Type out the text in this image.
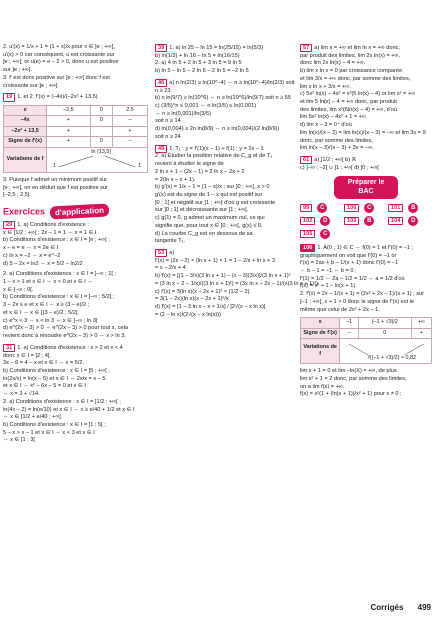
2. u'(x) = 1/x + 1 = (1 + x)/x pour x ∈ ]e ; +∞[,
u'(x) > 0 car conséquent, u est croissante sur
]e ; +∞[; or u(e) = e – 2 > 0, donc u est positive
sur ]e ; +∞[.
3. f' est donc positive sur ]e ; +∞[ donc f est
croissante sur ]e ; +∞[.
19 1. et 2. f'(x) = (–4x)/(–2x² + 13,5)
x	–2,5	0	2,5
–4x	+	0	–
–2x² + 13,5	+		+
Signe de f'(x)	+	0	–
Variations de f	ln (13,5)
1 1		
3. Puisque f admet un minimum positif sur
[e ; +∞[, on en déduit que f est positive sur
[–2,5 ; 2,5].
Exercices d'application
29 1. a) Conditions d'existence :
x ∈ ]1/2 ; +∞[ ; 2x – 1 = 1 ⇔ x = 1 ∈ I
b) Conditions d'existence : x ∈ I = ]e ; +∞[ ;
x – e = e ⇔ x = 2e ∈ I
c) ln x = –2 ⇔ x = e^–2
d) 5 – 2x = ln2 ⇔ x = 5/2 – ln2/2
2. a) Conditions d'existence : x ∈ I = ]–∞ ; 1[ ;
1 – x > 1 et x ∈ I ⇔ x < 0 et x ∈ I ⇔
x ∈ ]–∞ ; 0[.
b) Conditions d'existence : x ∈ I = ]–∞ ; 5/2[ ;
3 – 2x ≤ e et x ∈ I ⇔ x ≥ (3 – e)/2 ;
et x ∈ I ⇔ x ∈ [(3 – e)/2 ; 5/2[.
c) e^x < 3 ⇔ x < ln 3 ⇔ x ∈ ]–∞ ; ln 3[
d) e^(2x – 3) > 0 ⇔ e^(2x – 3) > 0 pour tout x, cela
revient donc à résoudre e^(2x – 3) > 0 ⇔ x > ln 3.
31 1. a) Conditions d'existence : x > 2 et x < 4
donc x ∈ I = ]2 ; 4[.
3x – 6 = 4 – x et x ∈ I ⇔ x = 5/2.
b) Conditions d'existence : x ∈ I = ]5 ; +∞[ ;
ln(2x/x) = ln(x – 5) et x ∈ I ⇔ 2x/x = x – 5
et x ∈ I ⇔ x² – 6x – 5 = 0 et x ∈ I
⇔ x = 3 + √14.
2. a) Conditions d'existence : x ∈ I = ]1/2 ; +∞[ ;
ln(4x – 2) = ln(e/10) et x ∈ I ⇔ x ≥ e/40 + 1/2 et x ∈ I
⇔ x ∈ [1/2 + e/40 ; +∞[.
b) Conditions d'existence : x ∈ I = ]1 ; 5[ ;
5 – x > x – 1 et x ∈ I ⇔ x < 3 et x ∈ I
⇔ x ∈ ]1 ; 3[
39 1. a) ln 25 – ln 15 = ln(25/15) = ln(5/3)
b) ln(1/3) + ln 16 – ln 5 = ln(16/15)
2. a) 4 ln 5 + 2 ln 5 + 3 ln 5 = 9 ln 5
b) ln 5 – ln 5 – 2 ln 5 – 2 ln 5 = –2 ln 5
46 a) n ln(2/3) ≥ ln(10^–4) ⇔ n ≥ ln(10^–4)/ln(2/3) soit
n ≥ 23
b) n ln(9/7) ≥ ln(10^6) ⇔ n ≥ ln(10^6)/ln(9/7) soit n ≥ 55
c) (3/5)^n ≤ 0,001 ⇔ n ln(3/5) ≤ ln(0,001)
⇔ n ≥ ln(0,001)/ln(3/5)
soit n ≥ 14
d) ln(0,004) ≥ 2n ln(8/9) ⇔ n ≥ ln(0,004)/(2 ln(8/9))
soit n ≥ 24
49 1. T₁ : y = f'(1)(x – 1) + f(1) ; y = 2x – 1
2. a) Étudier la position relative de C_g et de T₁
revient à étudier le signe de
2 ln x + 1 – (2x – 1) = 2 ln x – 2x + 2
= 2(ln x – x + 1).
b) g'(x) = 1/x – 1 = (1 – x)/x ; sur ]0 ; +∞[, x > 0
g'(x) est du signe de 1 – x qui est positif sur
]0 ; 1[ et négatif sur ]1 ; +∞[ d'où g est croissante
sur ]0 ; 1[ et décroissante sur ]1 ; +∞[.
c) g(1) = 0, g admet un maximum nul, ce qui
signifie que, pour tout x ∈ ]0 ; +∞[, g(x) ≤ 0.
d) La courbe C_g est en dessous de sa
tangente T₁.
53 a)
f'(x) = (2x – 2) × (ln x + 1) × 1 = 1 – 2/x + ln x + 3
= x – 2/x + 4
b) f'(x) = [(1 – 3/x)(3 ln x + 1) – (x – 3)(3/x)]/(3 ln x + 1)²
= (3 ln x – 2 – 1/x)/((3 ln x + 1)²) = (3x ln x – 2x – 1)/(x(3 ln x + 1)²)
c) f'(x) = 3(ln x)(x – 2x + 1)² × (1/2 – 2)
= 3(1 – 2x)(ln x)(x – 2x + 1)²/x
d) f'(x) = [1 – 3 ln x – x × 1/x] / [2√(x – x ln x)]
= (2 – ln x)/(2√(x – x ln(x)))
57 a) lim x = +∞ et lim ln x = +∞ donc,
par produit des limites, lim 2x ln(x) = +∞,
donc lim 2x ln(x) – 4 = +∞.
b) lim x ln x = 0 par croissance comparée
et lim 3/x = +∞ donc, par somme des limites,
lim x ln x + 3/x = +∞.
c) 5x² ln(x) – 4x² = x²(5 ln(x) – 4) or lim x² = +∞
et lim 5 ln(x) – 4 = +∞ donc, par produit
des limites, lim x²(5ln(x) – 4) = +∞, d'où
lim 5x² ln(x) – 4x² + 1 = +∞.
d) lim x – 3 = 0⁺ d'où
lim ln(x)/(x – 3) = lim ln(x)/(x – 3) = –∞ et lim 3x = 9
donc, par somme des limites,
lim ln(x – 3)/(x – 3) + 3x = –∞.
61 a) ]1/2 ; +∞[ b) ℝ
c) ]–∞ ; –2[ ∪ ]1 ; +∞[ d) ]0 ; +∞[
Préparer le BAC
99	C	100	C	101	B
102	D	103	B	104	D
105	C
106 1. A(0 ; 1) ∈ C ⇔ f(0) = 1 et f'(0) = –1 ;
graphiquement on voit que f'(0) = –1 or
f'(x) = 2ax + b – 1/(x + 1) donc f'(0) = –1
⇔ b – 1 = –1 ⇔ b = 0 ;
f'(1) = 1/2 ⇔ 2a – 1/2 = 1/2 ⇔ a = 1/2 d'où
f(x) = x² + 1 – ln(x + 1).
2. f'(x) = 2x – 1/(x + 1) = (2x² + 2x – 1)/(x + 1) ; sur
]–1 ; +∞[, x + 1 > 0 donc le signe de f'(x) est le
même que celui de 2x² + 2x – 1.
x	–1	(–1 + √3)/2	+∞
Signe de f'(x)	–	0	+
Variations de f	f((–1 + √3)/2) ≈ 0,82		
lim x + 1 = 0 et lim –ln(X) = +∞, de plus
lim x² + 1 = 2 donc, par somme des limites,
on a lim f(x) = +∞.
f(x) = x²(1 + (ln(x + 1))/x² + 1) pour x ≠ 0 ;
Corrigés 499
